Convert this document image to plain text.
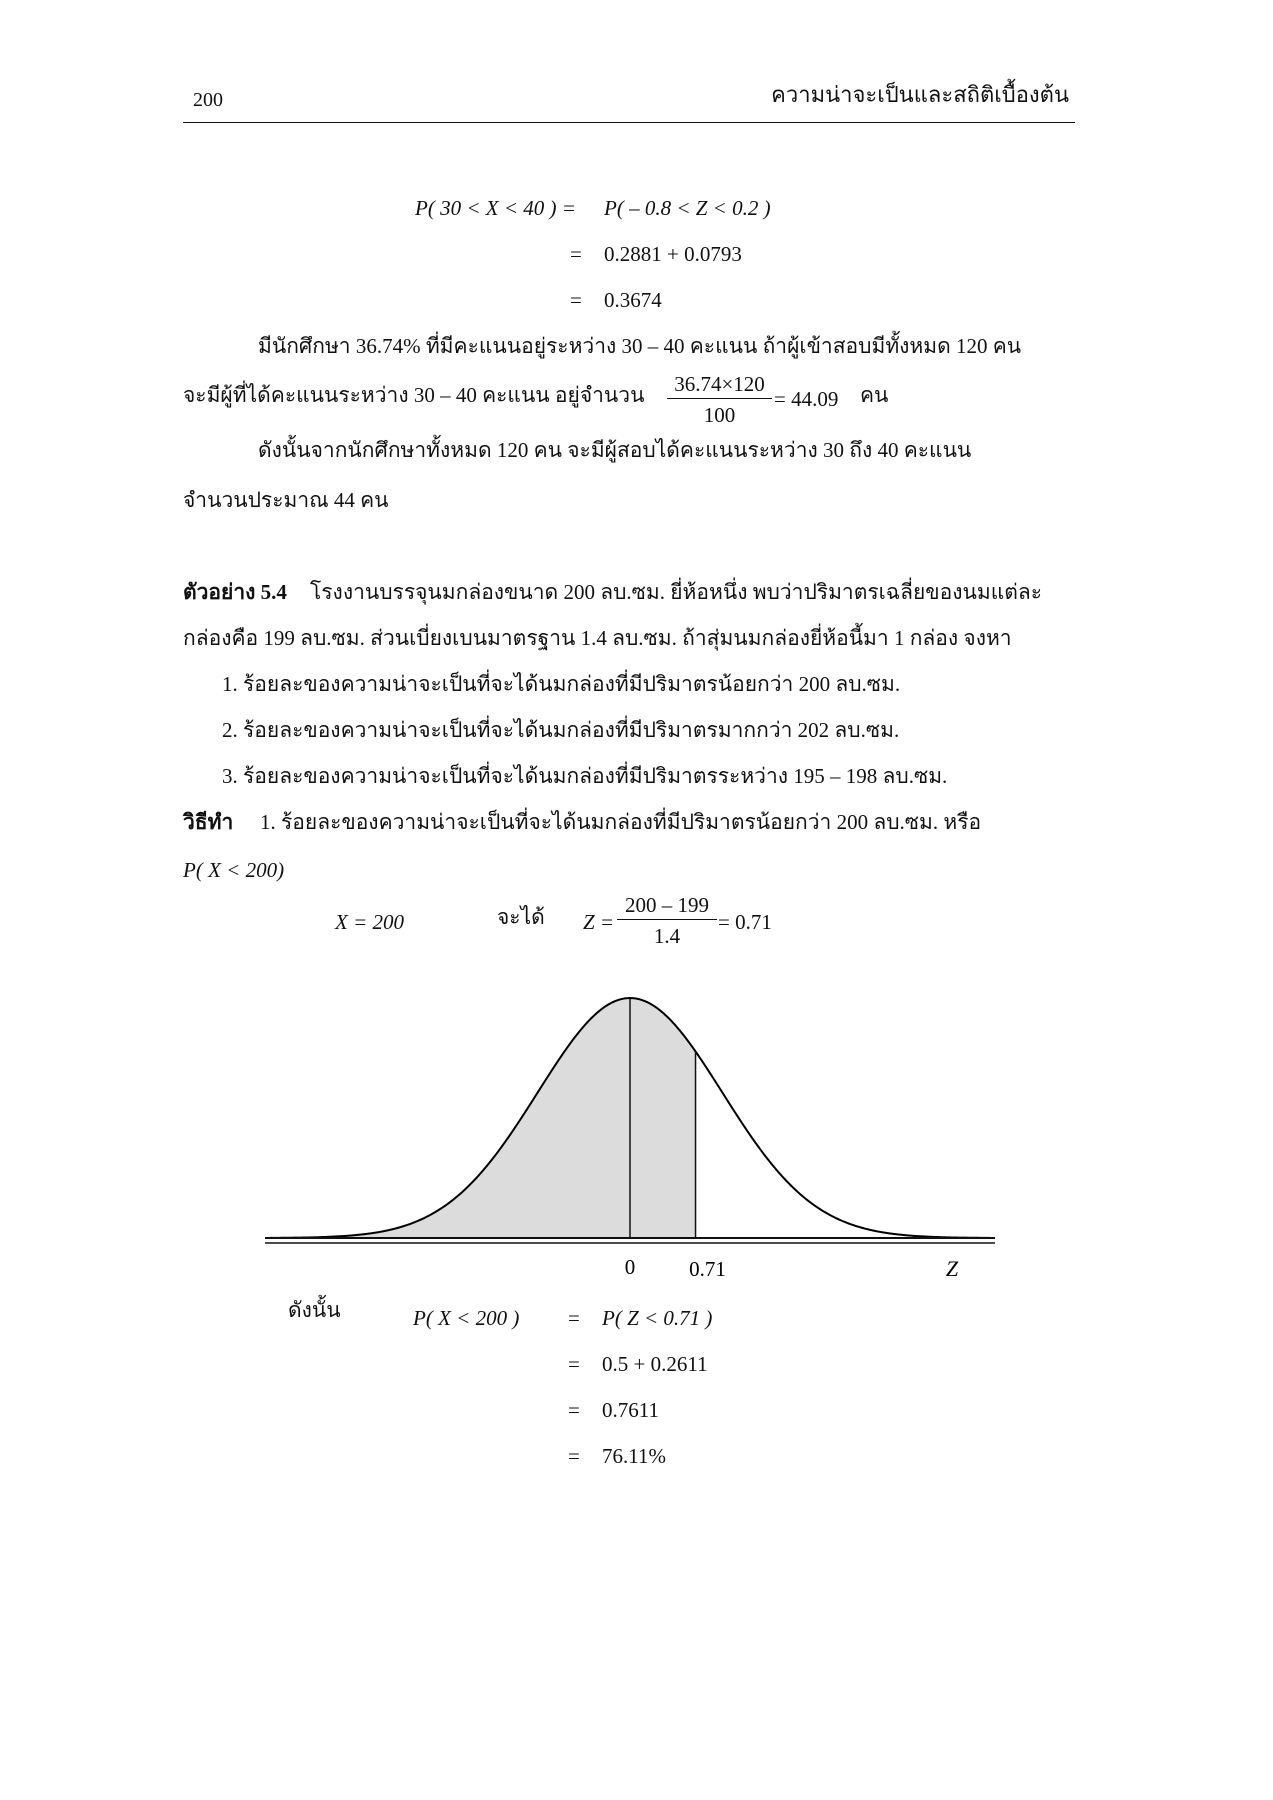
200	ความน่าจะเป็นและสถิติเบื้องต้น
P( 30 < X < 40 ) = P( – 0.8 < Z < 0.2 )
= 0.2881 + 0.0793
= 0.3674
มีนักศึกษา 36.74% ที่มีคะแนนอยู่ระหว่าง 30 – 40 คะแนน ถ้าผู้เข้าสอบมีทั้งหมด 120 คน
จะมีผู้ที่ได้คะแนนระหว่าง 30 – 40 คะแนน อยู่จำนวน $\frac{36.74\times 120}{100} = 44.09$ คน
ดังนั้นจากนักศึกษาทั้งหมด 120 คน จะมีผู้สอบได้คะแนนระหว่าง 30 ถึง 40 คะแนน
จำนวนประมาณ 44 คน
ตัวอย่าง 5.4 โรงงานบรรจุนมกล่องขนาด 200 ลบ.ซม. ยี่ห้อหนึ่ง พบว่าปริมาตรเฉลี่ยของนมแต่ละ
กล่องคือ 199 ลบ.ซม. ส่วนเบี่ยงเบนมาตรฐาน 1.4 ลบ.ซม. ถ้าสุ่มนมกล่องยี่ห้อนี้มา 1 กล่อง จงหา
1. ร้อยละของความน่าจะเป็นที่จะได้นมกล่องที่มีปริมาตรน้อยกว่า 200 ลบ.ซม.
2. ร้อยละของความน่าจะเป็นที่จะได้นมกล่องที่มีปริมาตรมากกว่า 202 ลบ.ซม.
3. ร้อยละของความน่าจะเป็นที่จะได้นมกล่องที่มีปริมาตรระหว่าง 195 – 198 ลบ.ซม.
วิธีทำ 1. ร้อยละของความน่าจะเป็นที่จะได้นมกล่องที่มีปริมาตรน้อยกว่า 200 ลบ.ซม. หรือ
P( X < 200)
X = 200	จะได้ $Z = \frac{200 - 199}{1.4} = 0.71$
0	0.71	Z
ดังนั้น	P( X < 200 ) = P( Z < 0.71 )
= 0.5 + 0.2611
= 0.7611
= 76.11%
